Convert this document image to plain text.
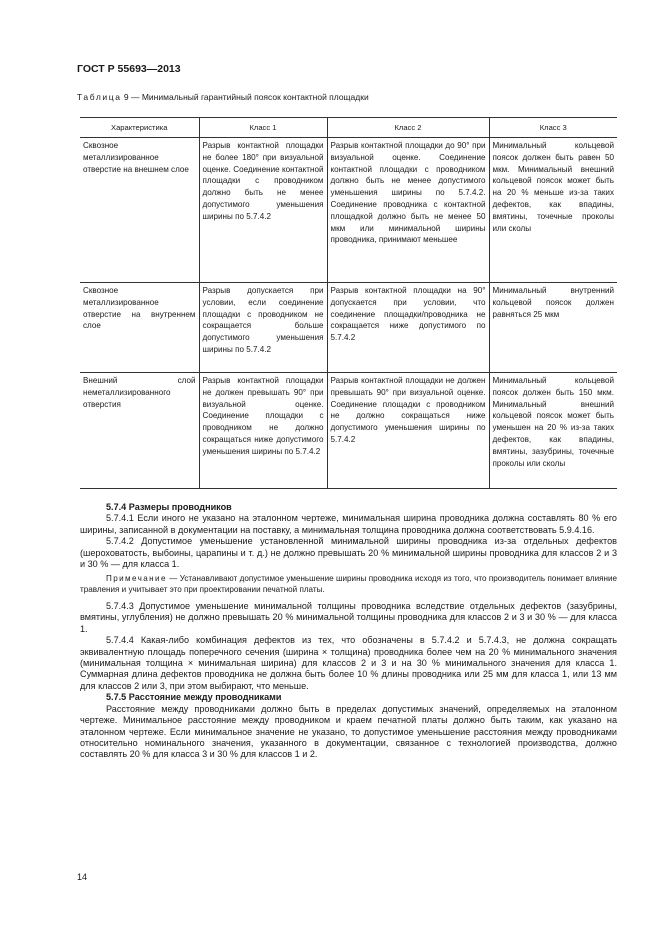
ГОСТ Р 55693—2013
Таблица 9 — Минимальный гарантийный поясок контактной площадки
Характеристика	Класс 1	Класс 2	Класс 3
Сквозное металлизированное отверстие на внешнем слое	Разрыв контактной площадки не более 180° при визуальной оценке. Соединение контактной площадки с проводником должно быть не менее допустимого уменьшения ширины по 5.7.4.2	Разрыв контактной площадки до 90° при визуальной оценке. Соединение контактной площадки с проводником должно быть не менее допустимого уменьшения ширины по 5.7.4.2. Соединение проводника с контактной площадкой должно быть не менее 50 мкм или минимальной ширины проводника, принимают меньшее	Минимальный кольцевой поясок должен быть равен 50 мкм. Минимальный внешний кольцевой поясок может быть на 20 % меньше из-за таких дефектов, как впадины, вмятины, точечные проколы или сколы
Сквозное металлизированное отверстие на внутреннем слое	Разрыв допускается при условии, если соединение площадки с проводником не сокращается больше допустимого уменьшения ширины по 5.7.4.2	Разрыв контактной площадки на 90° допускается при условии, что соединение площадки/проводника не сокращается ниже допустимого по 5.7.4.2	Минимальный внутренний кольцевой поясок должен равняться 25 мкм
Внешний слой неметаллизированного отверстия	Разрыв контактной площадки не должен превышать 90° при визуальной оценке. Соединение площадки с проводником не должно сокращаться ниже допустимого уменьшения ширины по 5.7.4.2	Разрыв контактной площадки не должен превышать 90° при визуальной оценке. Соединение площадки с проводником не должно сокращаться ниже допустимого уменьшения ширины по 5.7.4.2	Минимальный кольцевой поясок должен быть 150 мкм. Минимальный внешний кольцевой поясок может быть уменьшен на 20 % из-за таких дефектов, как впадины, вмятины, зазубрины, точечные проколы или сколы
5.7.4 Размеры проводников

5.7.4.1 Если иного не указано на эталонном чертеже, минимальная ширина проводника должна составлять 80 % его ширины, записанной в документации на поставку, а минимальная толщина проводника должна соответствовать 5.9.4.16.

5.7.4.2 Допустимое уменьшение установленной минимальной ширины проводника из-за отдельных дефектов (шероховатость, выбоины, царапины и т. д.) не должно превышать 20 % минимальной ширины проводника для классов 2 и 3 и 30 % — для класса 1.

Примечание — Устанавливают допустимое уменьшение ширины проводника исходя из того, что производитель понимает влияние травления и учитывает это при проектировании печатной платы.

5.7.4.3 Допустимое уменьшение минимальной толщины проводника вследствие отдельных дефектов (зазубрины, вмятины, углубления) не должно превышать 20 % минимальной толщины проводника для классов 2 и 3 и 30 % — для класса 1.

5.7.4.4 Какая-либо комбинация дефектов из тех, что обозначены в 5.7.4.2 и 5.7.4.3, не должна сокращать эквивалентную площадь поперечного сечения (ширина × толщина) проводника более чем на 20 % минимального значения (минимальная толщина × минимальная ширина) для классов 2 и 3 и на 30 % минимального значения для класса 1. Суммарная длина дефектов проводника не должна быть более 10 % длины проводника или 25 мм для класса 1, или 13 мм для классов 2 или 3, при этом выбирают, что меньше.

5.7.5 Расстояние между проводниками

Расстояние между проводниками должно быть в пределах допустимых значений, определяемых на эталонном чертеже. Минимальное расстояние между проводником и краем печатной платы должно быть таким, как указано на эталонном чертеже. Если минимальное значение не указано, то допустимое уменьшение расстояния между проводниками относительно номинального значения, указанного в документации, связанное с технологией производства, должно составлять 20 % для класса 3 и 30 % для классов 1 и 2.

14
